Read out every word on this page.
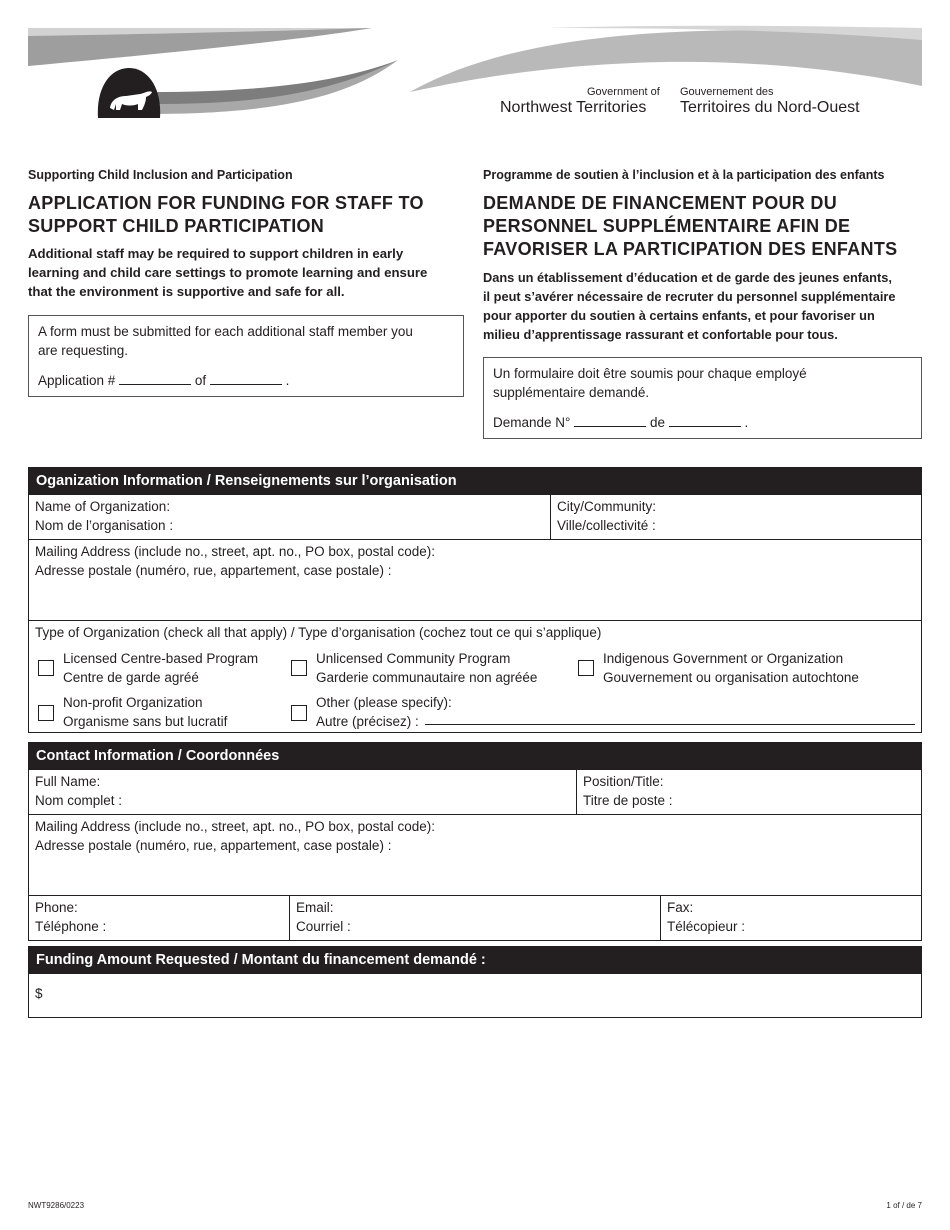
Government of
Northwest Territories
Gouvernement des
Territoires du Nord-Ouest
Supporting Child Inclusion and Participation
APPLICATION FOR FUNDING FOR STAFF TO
SUPPORT CHILD PARTICIPATION
Additional staff may be required to support children in early
learning and child care settings to promote learning and ensure
that the environment is supportive and safe for all.
A form must be submitted for each additional staff member you
are requesting.
Application #	of	.
Programme de soutien à l’inclusion et à la participation des enfants
DEMANDE DE FINANCEMENT POUR DU
PERSONNEL SUPPLÉMENTAIRE AFIN DE
FAVORISER LA PARTICIPATION DES ENFANTS
Dans un établissement d’éducation et de garde des jeunes enfants,
il peut s’avérer nécessaire de recruter du personnel supplémentaire
pour apporter du soutien à certains enfants, et pour favoriser un
milieu d’apprentissage rassurant et confortable pour tous.
Un formulaire doit être soumis pour chaque employé
supplémentaire demandé.
Demande N°	de	.
Oganization Information / Renseignements sur l’organisation
Name of Organization:
Nom de l’organisation :
City/Community:
Ville/collectivité :
Mailing Address (include no., street, apt. no., PO box, postal code):
Adresse postale (numéro, rue, appartement, case postale) :
Type of Organization (check all that apply) / Type d’organisation (cochez tout ce qui s’applique)
Licensed Centre-based Program
Centre de garde agréé
Unlicensed Community Program
Garderie communautaire non agréée
Indigenous Government or Organization
Gouvernement ou organisation autochtone
Non-profit Organization
Organisme sans but lucratif
Other (please specify):
Autre (précisez) :
Contact Information / Coordonnées
Full Name:
Nom complet :
Position/Title:
Titre de poste :
Mailing Address (include no., street, apt. no., PO box, postal code):
Adresse postale (numéro, rue, appartement, case postale) :
Phone:
Téléphone :
Email:
Courriel :
Fax:
Télécopieur :
Funding Amount Requested / Montant du financement demandé :
$
NWT9286/0223	1 of / de 7
